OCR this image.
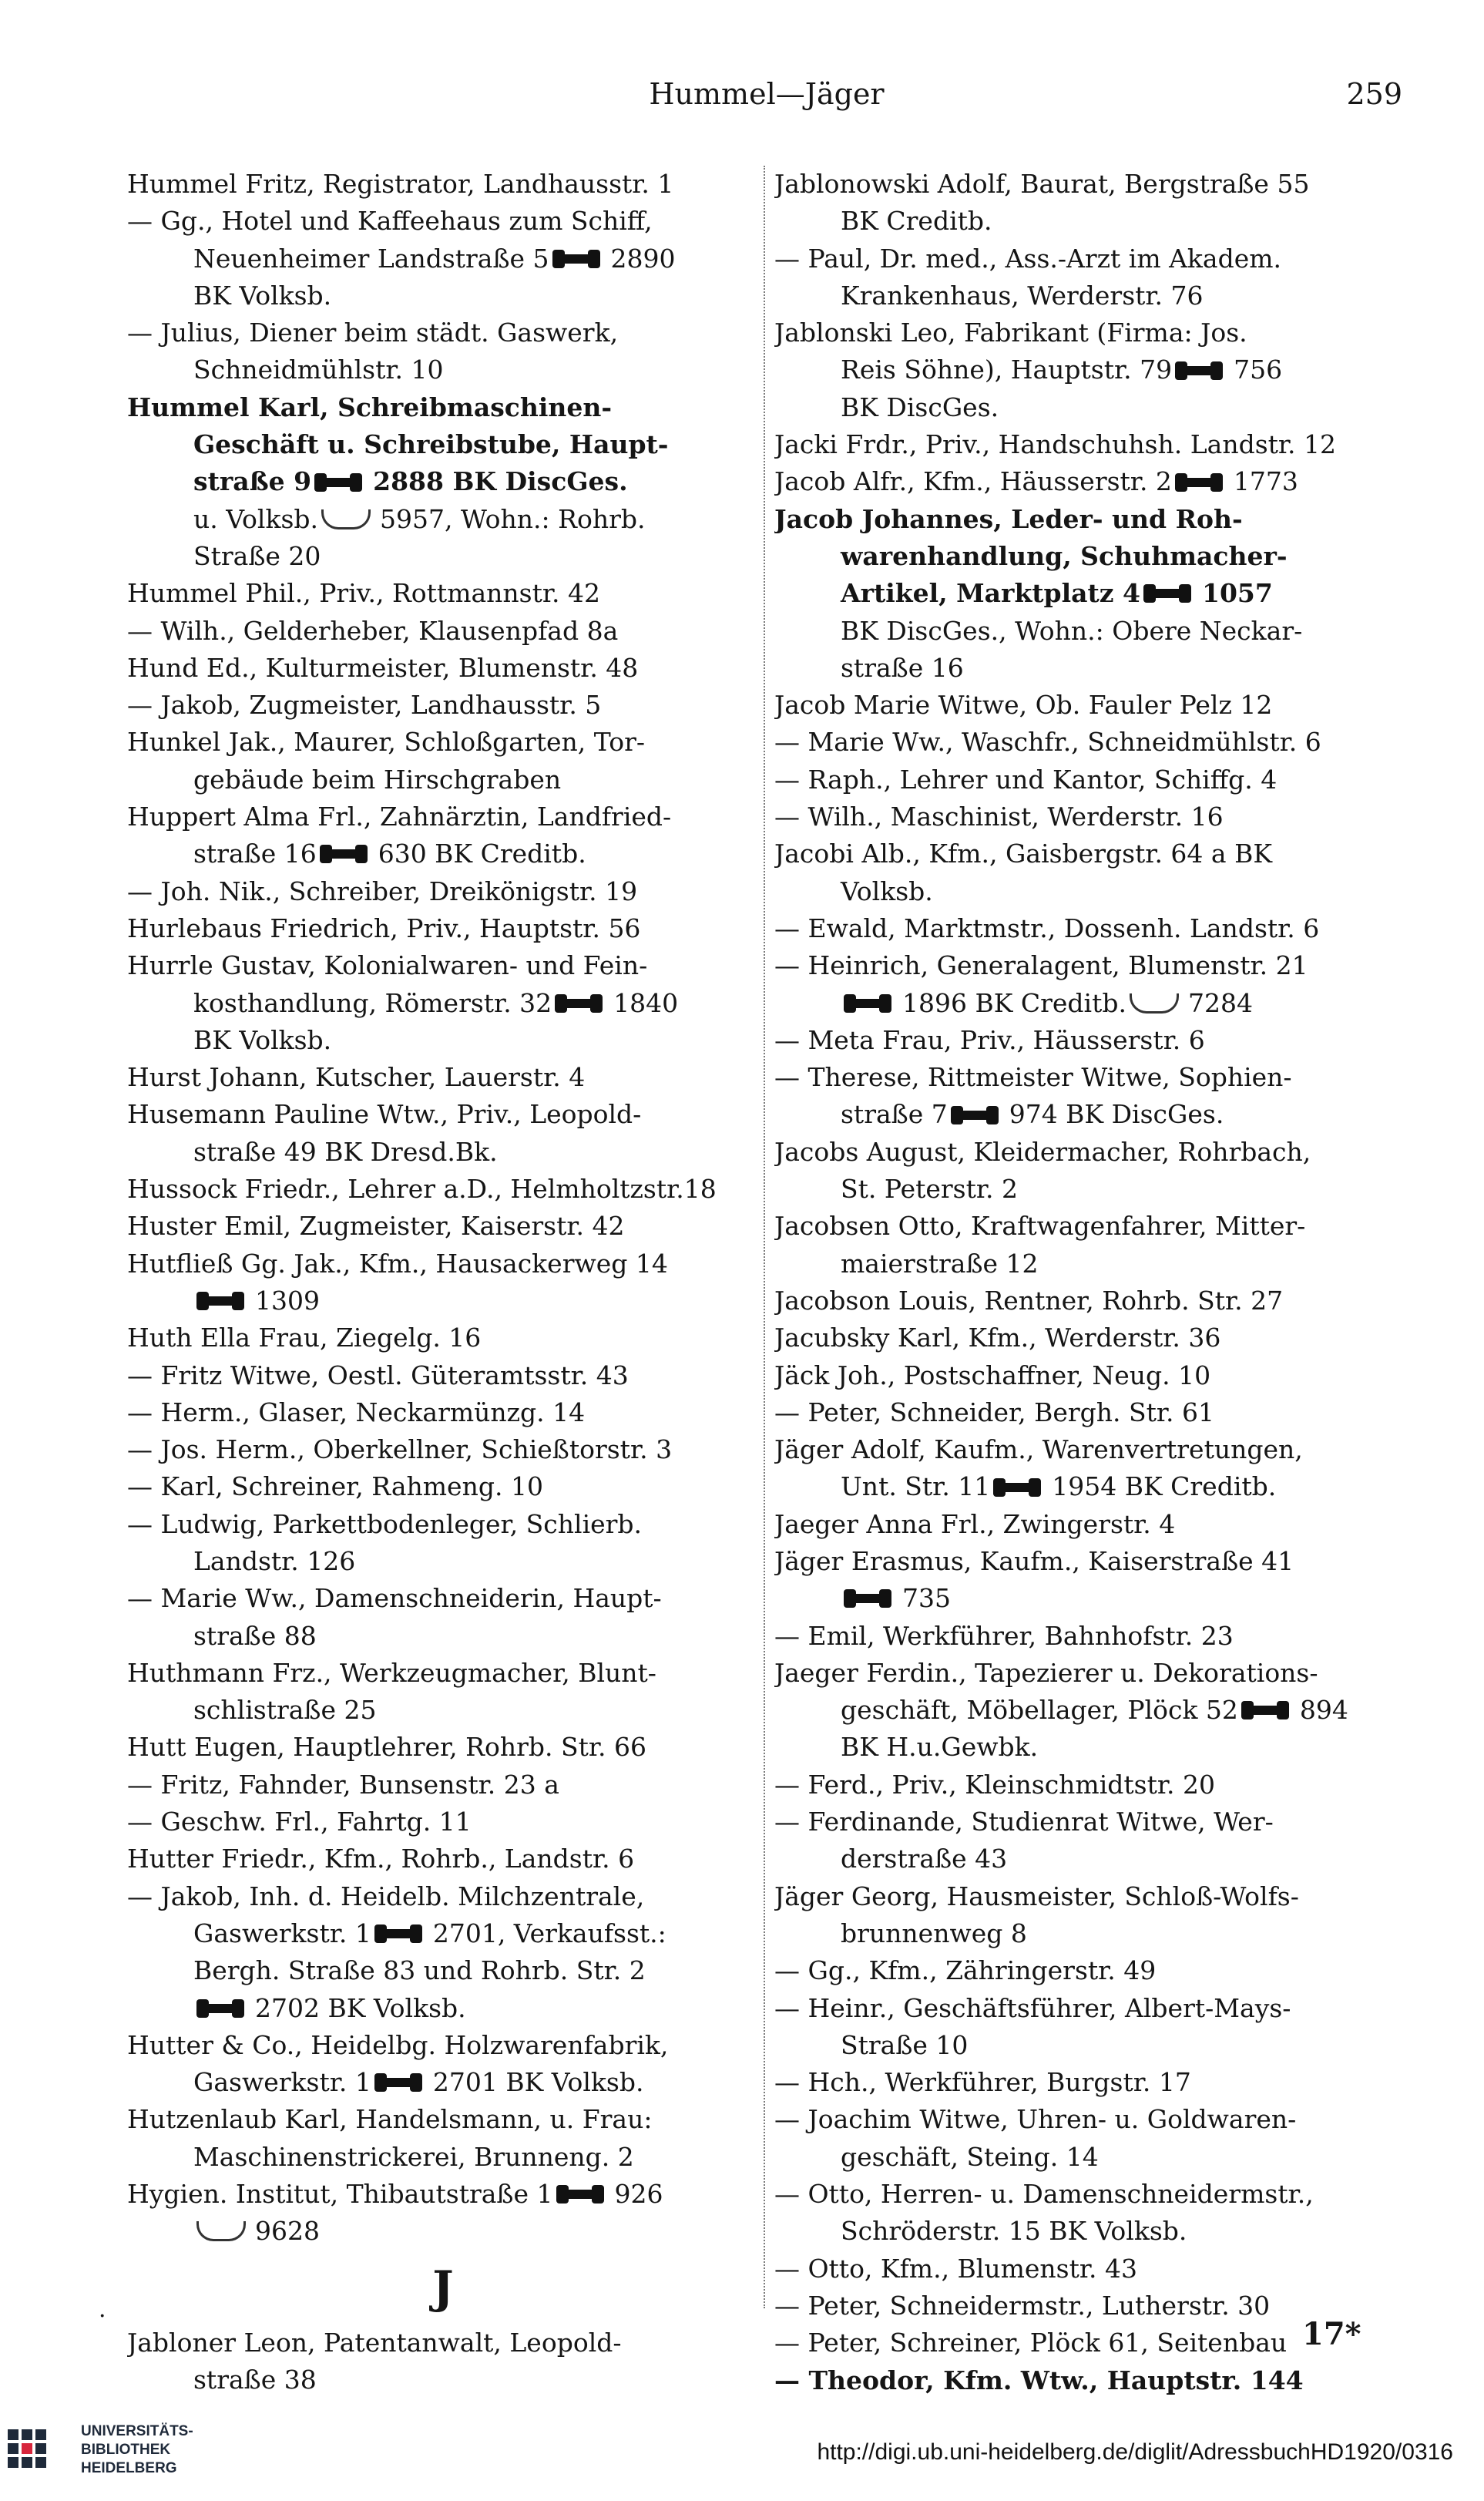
Hummel—Jäger	259
Hummel Fritz, Registrator, Landhausstr. 1
— Gg., Hotel und Kaffeehaus zum Schiff,
Neuenheimer Landstraße 5 2890
BK Volksb.
— Julius, Diener beim städt. Gaswerk,
Schneidmühlstr. 10
Hummel Karl, Schreibmaschinen-
Geschäft u. Schreibstube, Haupt-
straße 9 2888 BK DiscGes.
u. Volksb. 5957, Wohn.: Rohrb.
Straße 20
Hummel Phil., Priv., Rottmannstr. 42
— Wilh., Gelderheber, Klausenpfad 8a
Hund Ed., Kulturmeister, Blumenstr. 48
— Jakob, Zugmeister, Landhausstr. 5
Hunkel Jak., Maurer, Schloßgarten, Tor-
gebäude beim Hirschgraben
Huppert Alma Frl., Zahnärztin, Landfried-
straße 16 630 BK Creditb.
— Joh. Nik., Schreiber, Dreikönigstr. 19
Hurlebaus Friedrich, Priv., Hauptstr. 56
Hurrle Gustav, Kolonialwaren- und Fein-
kosthandlung, Römerstr. 32 1840
BK Volksb.
Hurst Johann, Kutscher, Lauerstr. 4
Husemann Pauline Wtw., Priv., Leopold-
straße 49 BK Dresd.Bk.
Hussock Friedr., Lehrer a.D., Helmholtzstr.18
Huster Emil, Zugmeister, Kaiserstr. 42
Hutfließ Gg. Jak., Kfm., Hausackerweg 14
1309
Huth Ella Frau, Ziegelg. 16
— Fritz Witwe, Oestl. Güteramtsstr. 43
— Herm., Glaser, Neckarmünzg. 14
— Jos. Herm., Oberkellner, Schießtorstr. 3
— Karl, Schreiner, Rahmeng. 10
— Ludwig, Parkettbodenleger, Schlierb.
Landstr. 126
— Marie Ww., Damenschneiderin, Haupt-
straße 88
Huthmann Frz., Werkzeugmacher, Blunt-
schlistraße 25
Hutt Eugen, Hauptlehrer, Rohrb. Str. 66
— Fritz, Fahnder, Bunsenstr. 23 a
— Geschw. Frl., Fahrtg. 11
Hutter Friedr., Kfm., Rohrb., Landstr. 6
— Jakob, Inh. d. Heidelb. Milchzentrale,
Gaswerkstr. 1 2701, Verkaufsst.:
Bergh. Straße 83 und Rohrb. Str. 2
2702 BK Volksb.
Hutter & Co., Heidelbg. Holzwarenfabrik,
Gaswerkstr. 1 2701 BK Volksb.
Hutzenlaub Karl, Handelsmann, u. Frau:
Maschinenstrickerei, Brunneng. 2
Hygien. Institut, Thibautstraße 1 926
9628
J
Jabloner Leon, Patentanwalt, Leopold-
straße 38
Jablonowski Adolf, Baurat, Bergstraße 55
BK Creditb.
— Paul, Dr. med., Ass.-Arzt im Akadem.
Krankenhaus, Werderstr. 76
Jablonski Leo, Fabrikant (Firma: Jos.
Reis Söhne), Hauptstr. 79 756
BK DiscGes.
Jacki Frdr., Priv., Handschuhsh. Landstr. 12
Jacob Alfr., Kfm., Häusserstr. 2 1773
Jacob Johannes, Leder- und Roh-
warenhandlung, Schuhmacher-
Artikel, Marktplatz 4 1057
BK DiscGes., Wohn.: Obere Neckar-
straße 16
Jacob Marie Witwe, Ob. Fauler Pelz 12
— Marie Ww., Waschfr., Schneidmühlstr. 6
— Raph., Lehrer und Kantor, Schiffg. 4
— Wilh., Maschinist, Werderstr. 16
Jacobi Alb., Kfm., Gaisbergstr. 64 a BK
Volksb.
— Ewald, Marktmstr., Dossenh. Landstr. 6
— Heinrich, Generalagent, Blumenstr. 21
1896 BK Creditb. 7284
— Meta Frau, Priv., Häusserstr. 6
— Therese, Rittmeister Witwe, Sophien-
straße 7 974 BK DiscGes.
Jacobs August, Kleidermacher, Rohrbach,
St. Peterstr. 2
Jacobsen Otto, Kraftwagenfahrer, Mitter-
maierstraße 12
Jacobson Louis, Rentner, Rohrb. Str. 27
Jacubsky Karl, Kfm., Werderstr. 36
Jäck Joh., Postschaffner, Neug. 10
— Peter, Schneider, Bergh. Str. 61
Jäger Adolf, Kaufm., Warenvertretungen,
Unt. Str. 11 1954 BK Creditb.
Jaeger Anna Frl., Zwingerstr. 4
Jäger Erasmus, Kaufm., Kaiserstraße 41
735
— Emil, Werkführer, Bahnhofstr. 23
Jaeger Ferdin., Tapezierer u. Dekorations-
geschäft, Möbellager, Plöck 52 894
BK H.u.Gewbk.
— Ferd., Priv., Kleinschmidtstr. 20
— Ferdinande, Studienrat Witwe, Wer-
derstraße 43
Jäger Georg, Hausmeister, Schloß-Wolfs-
brunnenweg 8
— Gg., Kfm., Zähringerstr. 49
— Heinr., Geschäftsführer, Albert-Mays-
Straße 10
— Hch., Werkführer, Burgstr. 17
— Joachim Witwe, Uhren- u. Goldwaren-
geschäft, Steing. 14
— Otto, Herren- u. Damenschneidermstr.,
Schröderstr. 15 BK Volksb.
— Otto, Kfm., Blumenstr. 43
— Peter, Schneidermstr., Lutherstr. 30
— Peter, Schreiner, Plöck 61, Seitenbau
— Theodor, Kfm. Wtw., Hauptstr. 144
·	17*
UNIVERSITÄTS-
BIBLIOTHEK
HEIDELBERG
http://digi.ub.uni-heidelberg.de/diglit/AdressbuchHD1920/0316
